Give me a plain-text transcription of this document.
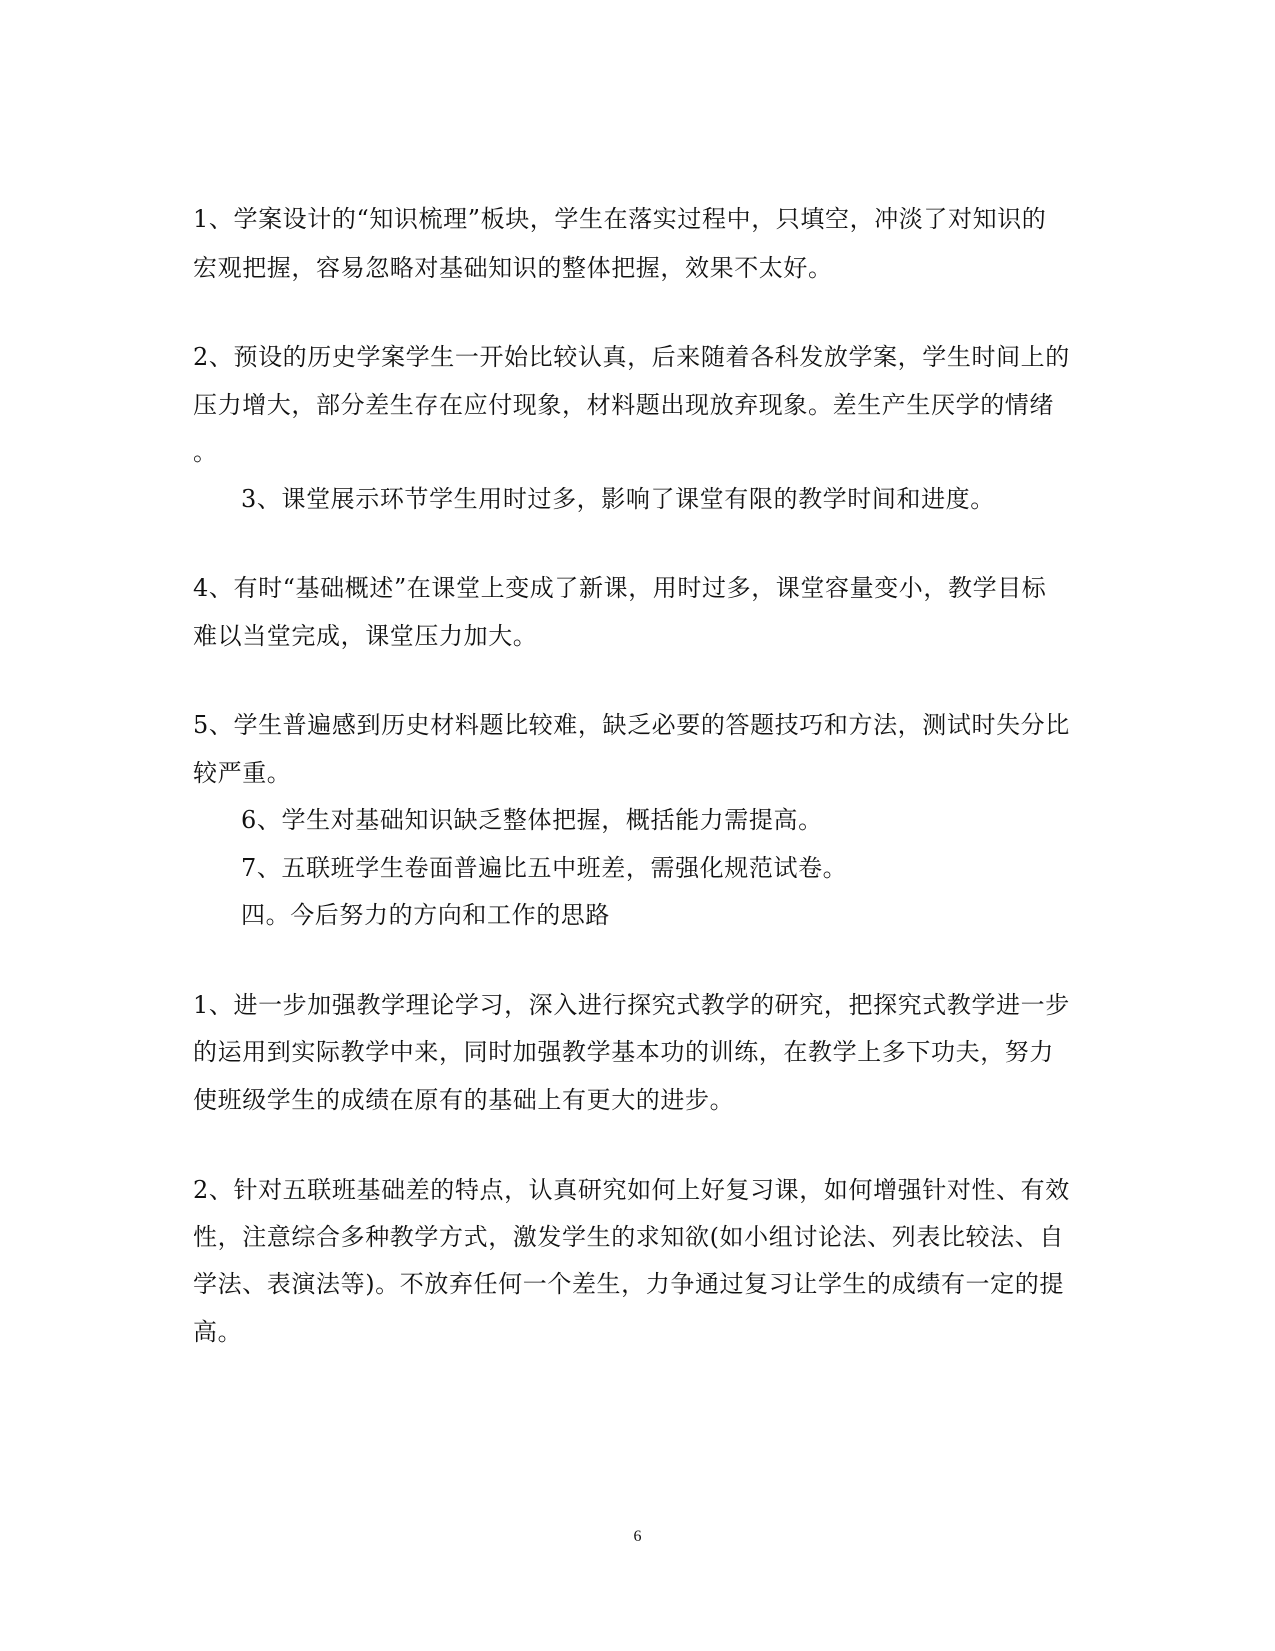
1、学案设计的“知识梳理”板块，学生在落实过程中，只填空，冲淡了对知识的
宏观把握，容易忽略对基础知识的整体把握，效果不太好。
2、预设的历史学案学生一开始比较认真，后来随着各科发放学案，学生时间上的
压力增大，部分差生存在应付现象，材料题出现放弃现象。差生产生厌学的情绪
。
3、课堂展示环节学生用时过多，影响了课堂有限的教学时间和进度。
4、有时“基础概述”在课堂上变成了新课，用时过多，课堂容量变小，教学目标
难以当堂完成，课堂压力加大。
5、学生普遍感到历史材料题比较难，缺乏必要的答题技巧和方法，测试时失分比
较严重。
6、学生对基础知识缺乏整体把握，概括能力需提高。
7、五联班学生卷面普遍比五中班差，需强化规范试卷。
四。今后努力的方向和工作的思路
1、进一步加强教学理论学习，深入进行探究式教学的研究，把探究式教学进一步
的运用到实际教学中来，同时加强教学基本功的训练，在教学上多下功夫，努力
使班级学生的成绩在原有的基础上有更大的进步。
2、针对五联班基础差的特点，认真研究如何上好复习课，如何增强针对性、有效
性，注意综合多种教学方式，激发学生的求知欲(如小组讨论法、列表比较法、自
学法、表演法等)。不放弃任何一个差生，力争通过复习让学生的成绩有一定的提
高。
6
